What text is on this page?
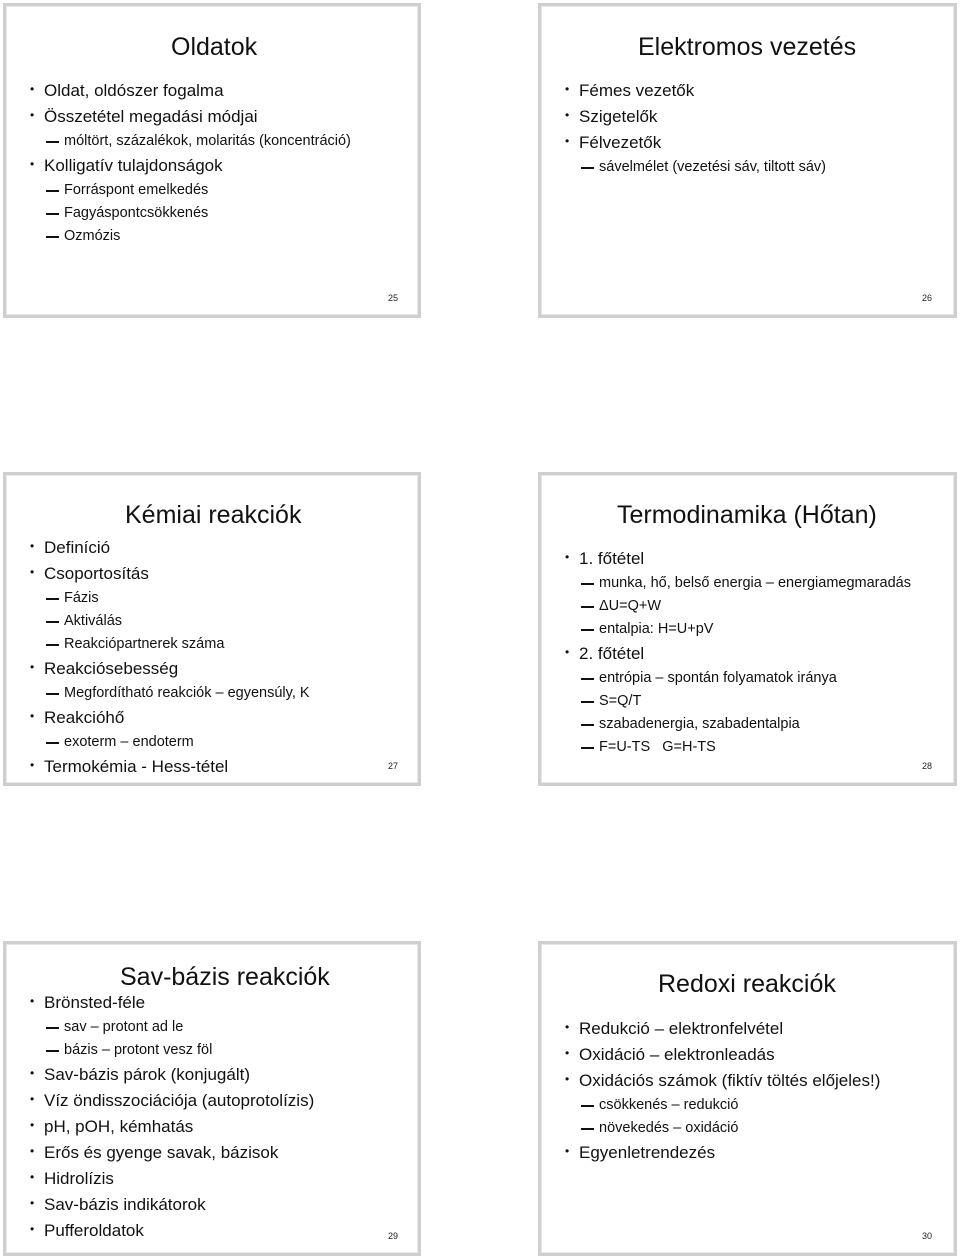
Oldatok
• Oldat, oldószer fogalma
• Összetétel megadási módjai
móltört, százalékok, molaritás (koncentráció)
• Kolligatív tulajdonságok
Forráspont emelkedés
Fagyáspontcsökkenés
Ozmózis
25
Elektromos vezetés
• Fémes vezetők
• Szigetelők
• Félvezetők
sávelmélet (vezetési sáv, tiltott sáv)
26
Kémiai reakciók
• Definíció
• Csoportosítás
Fázis
Aktiválás
Reakciópartnerek száma
• Reakciósebesség
Megfordítható reakciók – egyensúly, K
• Reakcióhő
exoterm – endoterm
• Termokémia - Hess-tétel	27
Termodinamika (Hőtan)
• 1. főtétel
munka, hő, belső energia – energiamegmaradás
ΔU=Q+W
entalpia: H=U+pV
• 2. főtétel
entrópia – spontán folyamatok iránya
S=Q/T
szabadenergia, szabadentalpia
F=U-TS   G=H-TS
28
Sav-bázis reakciók
• Brönsted-féle
sav – protont ad le
bázis – protont vesz föl
• Sav-bázis párok (konjugált)
• Víz öndisszociációja (autoprotolízis)
• pH, pOH, kémhatás
• Erős és gyenge savak, bázisok
• Hidrolízis
• Sav-bázis indikátorok
• Pufferoldatok	29
Redoxi reakciók
• Redukció – elektronfelvétel
• Oxidáció – elektronleadás
• Oxidációs számok (fiktív töltés előjeles!)
csökkenés – redukció
növekedés – oxidáció
• Egyenletrendezés
30
